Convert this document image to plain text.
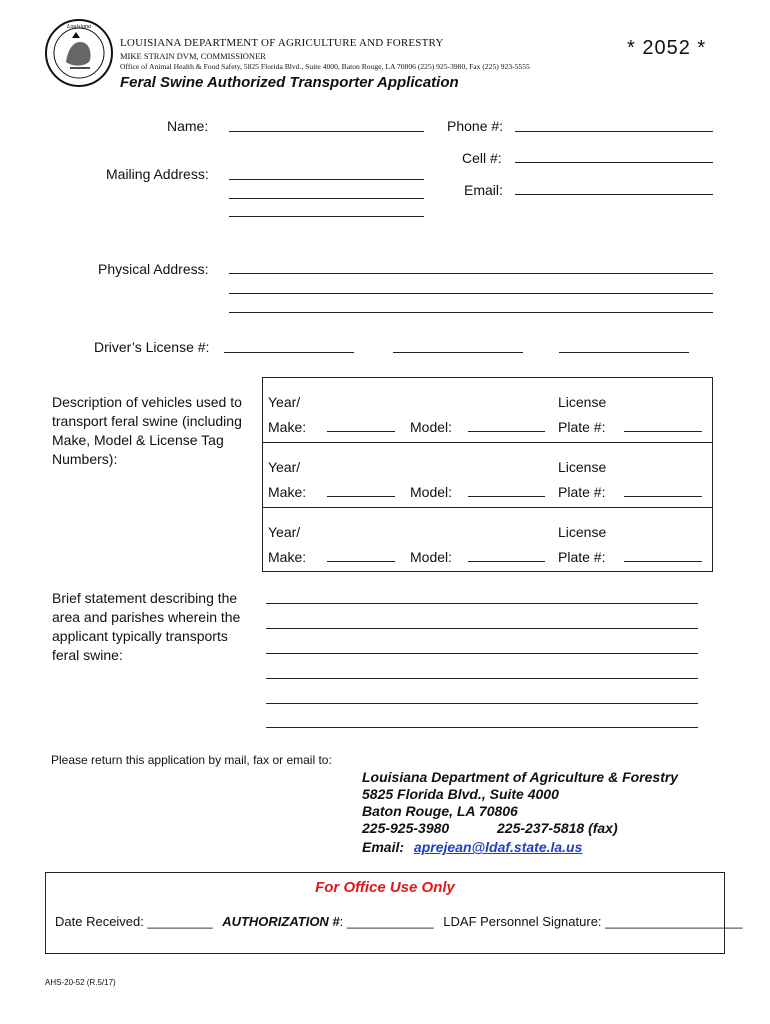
Louisiana
LOUISIANA DEPARTMENT OF AGRICULTURE AND FORESTRY
MIKE STRAIN DVM, COMMISSIONER
Office of Animal Health & Food Safety, 5825 Florida Blvd., Suite 4000, Baton Rouge, LA 70806 (225) 925-3980, Fax (225) 923-5555
* 2052 *
Feral Swine Authorized Transporter Application
Name:	Phone #:
Cell #:
Mailing Address:
Email:
Physical Address:
Driver’s License #:
Description of vehicles used to transport feral swine (including Make, Model & License Tag Numbers):
Year/
Make:	Model:
License
Plate #:
Year/
Make:	Model:
License
Plate #:
Year/
Make:	Model:
License
Plate #:
Brief statement describing the area and parishes wherein the applicant typically transports feral swine:
Please return this application by mail, fax or email to:
Louisiana Department of Agriculture & Forestry
5825 Florida Blvd., Suite 4000
Baton Rouge, LA 70806
225-925-3980	225-237-5818 (fax)
Email: aprejean@ldaf.state.la.us
For Office Use Only
Date Received: _________ AUTHORIZATION #: ____________ LDAF Personnel Signature: ___________________
AHS-20-52 (R.5/17)
